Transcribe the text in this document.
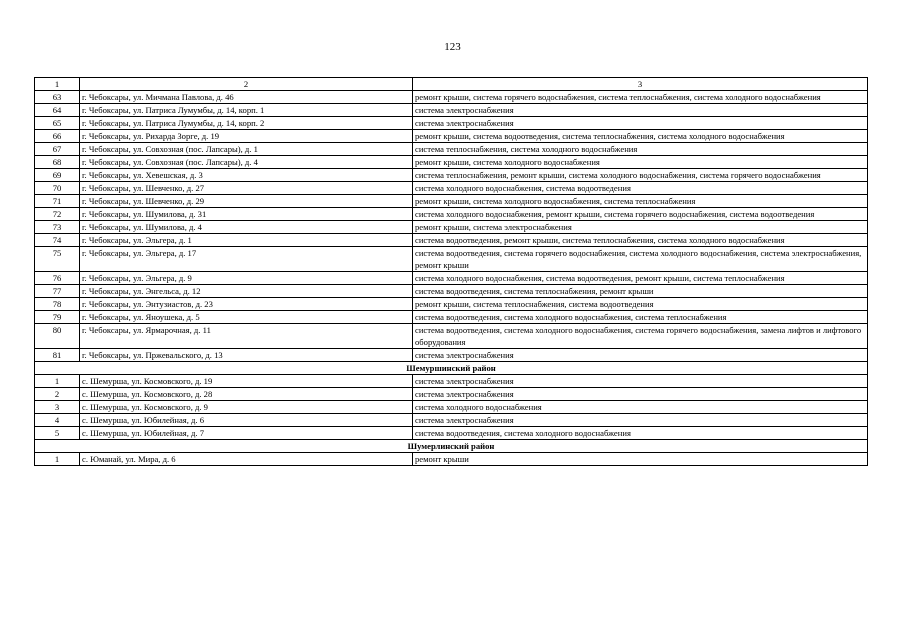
123
1	2	3
63	г. Чебоксары, ул. Мичмана Павлова, д. 46	ремонт крыши, система горячего водоснабжения, система теплоснабжения, система холодного водоснабжения
64	г. Чебоксары, ул. Патриса Лумумбы, д. 14, корп. 1	система электроснабжения
65	г. Чебоксары, ул. Патриса Лумумбы, д. 14, корп. 2	система электроснабжения
66	г. Чебоксары, ул. Рихарда Зорге, д. 19	ремонт крыши, система водоотведения, система теплоснабжения, система холодного водоснабжения
67	г. Чебоксары, ул. Совхозная (пос. Лапсары), д. 1	система теплоснабжения, система холодного водоснабжения
68	г. Чебоксары, ул. Совхозная (пос. Лапсары), д. 4	ремонт крыши, система холодного водоснабжения
69	г. Чебоксары, ул. Хевешская, д. 3	система теплоснабжения, ремонт крыши, система холодного водоснабжения, система горячего водоснабжения
70	г. Чебоксары, ул. Шевченко, д. 27	система холодного водоснабжения, система водоотведения
71	г. Чебоксары, ул. Шевченко, д. 29	ремонт крыши, система холодного водоснабжения, система теплоснабжения
72	г. Чебоксары, ул. Шумилова, д. 31	система холодного водоснабжения, ремонт крыши, система горячего водоснабжения, система водоотведения
73	г. Чебоксары, ул. Шумилова, д. 4	ремонт крыши, система электроснабжения
74	г. Чебоксары, ул. Эльгера, д. 1	система водоотведения, ремонт крыши, система теплоснабжения, система холодного водоснабжения
75	г. Чебоксары, ул. Эльгера, д. 17	система водоотведения, система горячего водоснабжения, система холодного водоснабжения, система электроснабжения, ремонт крыши
76	г. Чебоксары, ул. Эльгера, д. 9	система холодного водоснабжения, система водоотведения, ремонт крыши, система теплоснабжения
77	г. Чебоксары, ул. Энгельса, д. 12	система водоотведения, система теплоснабжения, ремонт крыши
78	г. Чебоксары, ул. Энтузиастов, д. 23	ремонт крыши, система теплоснабжения, система водоотведения
79	г. Чебоксары, ул. Яноушека, д. 5	система водоотведения, система холодного водоснабжения, система теплоснабжения
80	г. Чебоксары, ул. Ярмарочная, д. 11	система водоотведения, система холодного водоснабжения, система горячего водоснабжения, замена лифтов и лифтового оборудования
81	г. Чебоксары, ул. Пржевальского, д. 13	система электроснабжения
Шемуршинский район		
1	с. Шемурша, ул. Космовского, д. 19	система электроснабжения
2	с. Шемурша, ул. Космовского, д. 28	система электроснабжения
3	с. Шемурша, ул. Космовского, д. 9	система холодного водоснабжения
4	с. Шемурша, ул. Юбилейная, д. 6	система электроснабжения
5	с. Шемурша, ул. Юбилейная, д. 7	система водоотведения, система холодного водоснабжения
Шумерлинский район		
1	с. Юманай, ул. Мира, д. 6	ремонт крыши
